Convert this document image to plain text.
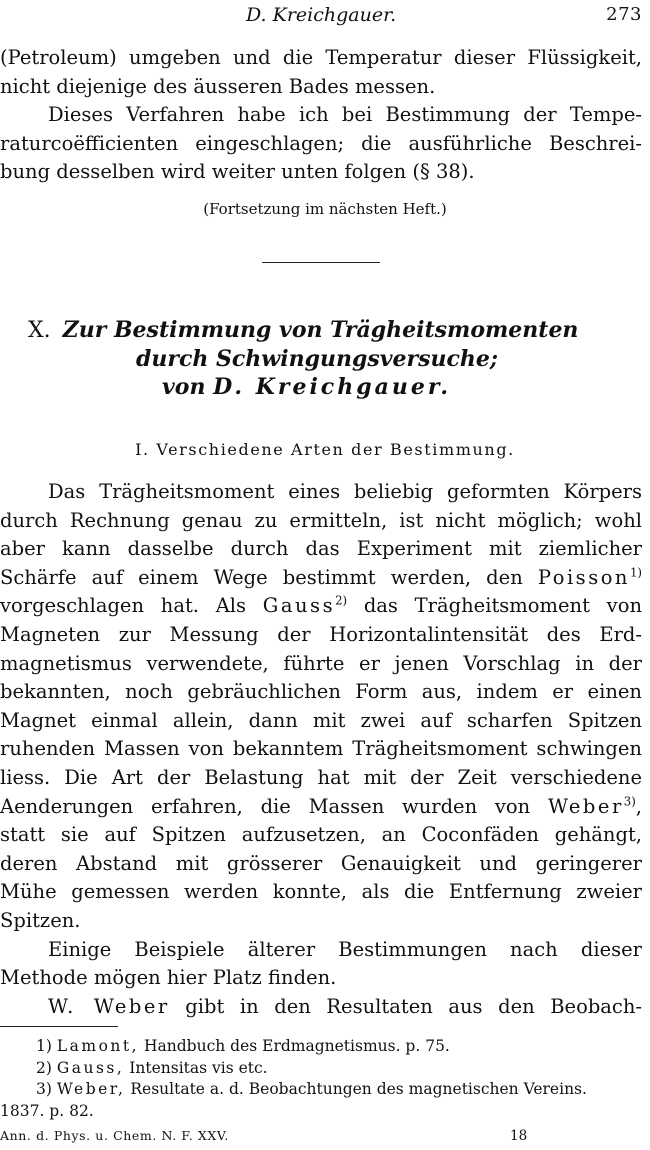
D. Kreichgauer.	273
(Petroleum) umgeben und die Temperatur dieser Flüssigkeit,
nicht diejenige des äusseren Bades messen.
Dieses Verfahren habe ich bei Bestimmung der Tempe-
raturcoëfficienten eingeschlagen; die ausführliche Beschrei-
bung desselben wird weiter unten folgen (§ 38).
(Fortsetzung im nächsten Heft.)
X. Zur Bestimmung von Trägheitsmomenten
durch Schwingungsversuche;
von D. Kreichgauer.
I. Verschiedene Arten der Bestimmung.
Das Trägheitsmoment eines beliebig geformten Körpers
durch Rechnung genau zu ermitteln, ist nicht möglich; wohl
aber kann dasselbe durch das Experiment mit ziemlicher
Schärfe auf einem Wege bestimmt werden, den Poisson$^{1)}$
vorgeschlagen hat. Als Gauss$^{2)}$ das Trägheitsmoment von
Magneten zur Messung der Horizontalintensität des Erd-
magnetismus verwendete, führte er jenen Vorschlag in der
bekannten, noch gebräuchlichen Form aus, indem er einen
Magnet einmal allein, dann mit zwei auf scharfen Spitzen
ruhenden Massen von bekanntem Trägheitsmoment schwingen
liess. Die Art der Belastung hat mit der Zeit verschiedene
Aenderungen erfahren, die Massen wurden von Weber$^{3)}$,
statt sie auf Spitzen aufzusetzen, an Coconfäden gehängt,
deren Abstand mit grösserer Genauigkeit und geringerer
Mühe gemessen werden konnte, als die Entfernung zweier
Spitzen.
Einige Beispiele älterer Bestimmungen nach dieser
Methode mögen hier Platz finden.
W. Weber gibt in den Resultaten aus den Beobach-
1) Lamont, Handbuch des Erdmagnetismus. p. 75.
2) Gauss, Intensitas vis etc.
3) Weber, Resultate a. d. Beobachtungen des magnetischen Vereins.
1837. p. 82.
Ann. d. Phys. u. Chem. N. F. XXV.	18
